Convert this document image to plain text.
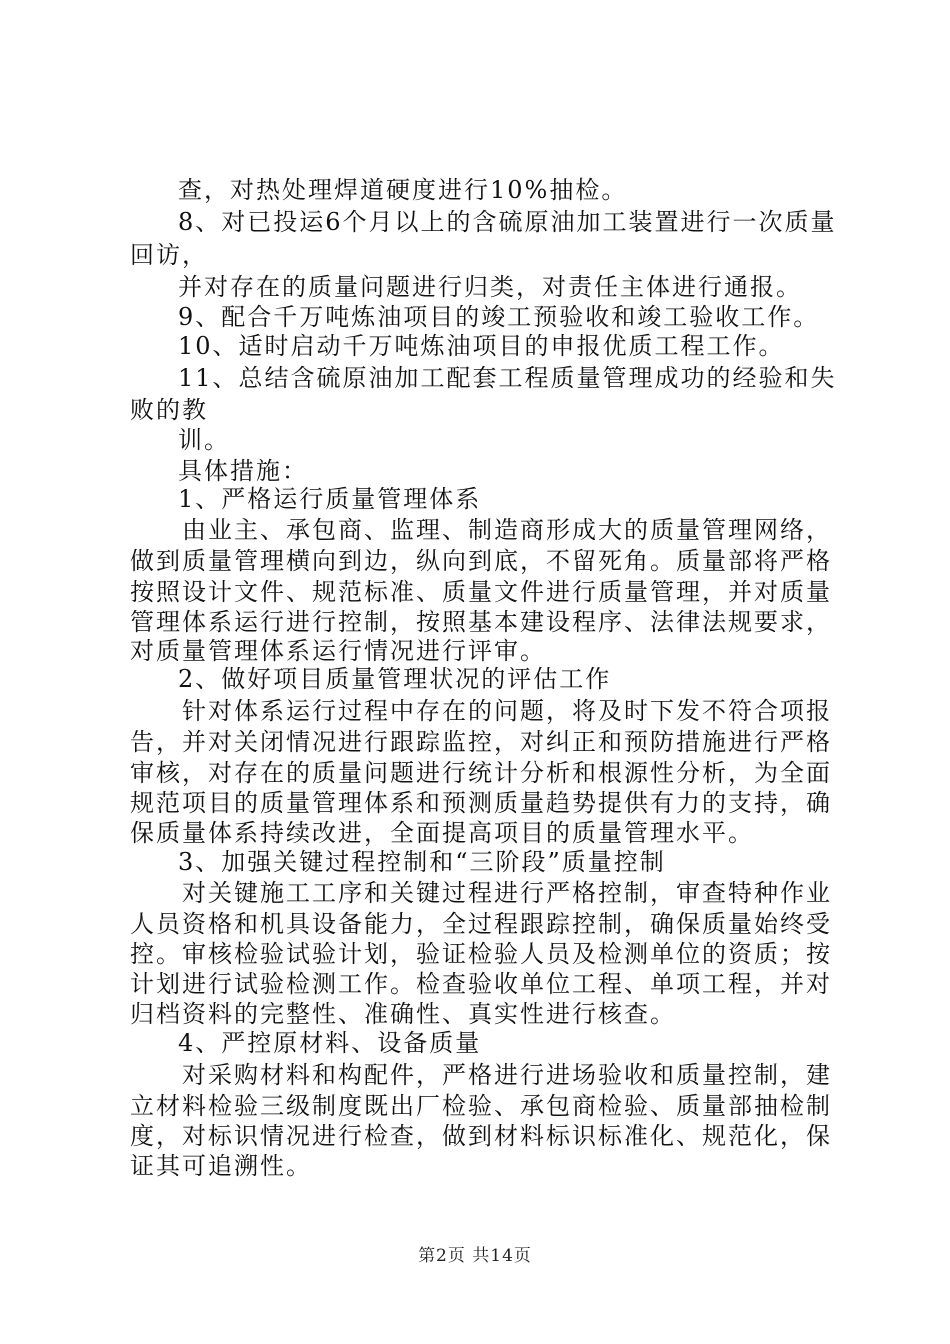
查，对热处理焊道硬度进行10%抽检。
8、对已投运6个月以上的含硫原油加工装置进行一次质量
回访，
并对存在的质量问题进行归类，对责任主体进行通报。
9、配合千万吨炼油项目的竣工预验收和竣工验收工作。
10、适时启动千万吨炼油项目的申报优质工程工作。
11、总结含硫原油加工配套工程质量管理成功的经验和失
败的教
训。
具体措施：
1、严格运行质量管理体系
由业主、承包商、监理、制造商形成大的质量管理网络，
做到质量管理横向到边，纵向到底，不留死角。质量部将严格
按照设计文件、规范标准、质量文件进行质量管理，并对质量
管理体系运行进行控制，按照基本建设程序、法律法规要求，
对质量管理体系运行情况进行评审。
2、做好项目质量管理状况的评估工作
针对体系运行过程中存在的问题，将及时下发不符合项报
告，并对关闭情况进行跟踪监控，对纠正和预防措施进行严格
审核，对存在的质量问题进行统计分析和根源性分析，为全面
规范项目的质量管理体系和预测质量趋势提供有力的支持，确
保质量体系持续改进，全面提高项目的质量管理水平。
3、加强关键过程控制和“三阶段”质量控制
对关键施工工序和关键过程进行严格控制，审查特种作业
人员资格和机具设备能力，全过程跟踪控制，确保质量始终受
控。审核检验试验计划，验证检验人员及检测单位的资质；按
计划进行试验检测工作。检查验收单位工程、单项工程，并对
归档资料的完整性、准确性、真实性进行核查。
4、严控原材料、设备质量
对采购材料和构配件，严格进行进场验收和质量控制，建
立材料检验三级制度既出厂检验、承包商检验、质量部抽检制
度，对标识情况进行检查，做到材料标识标准化、规范化，保
证其可追溯性。
第2页 共14页
